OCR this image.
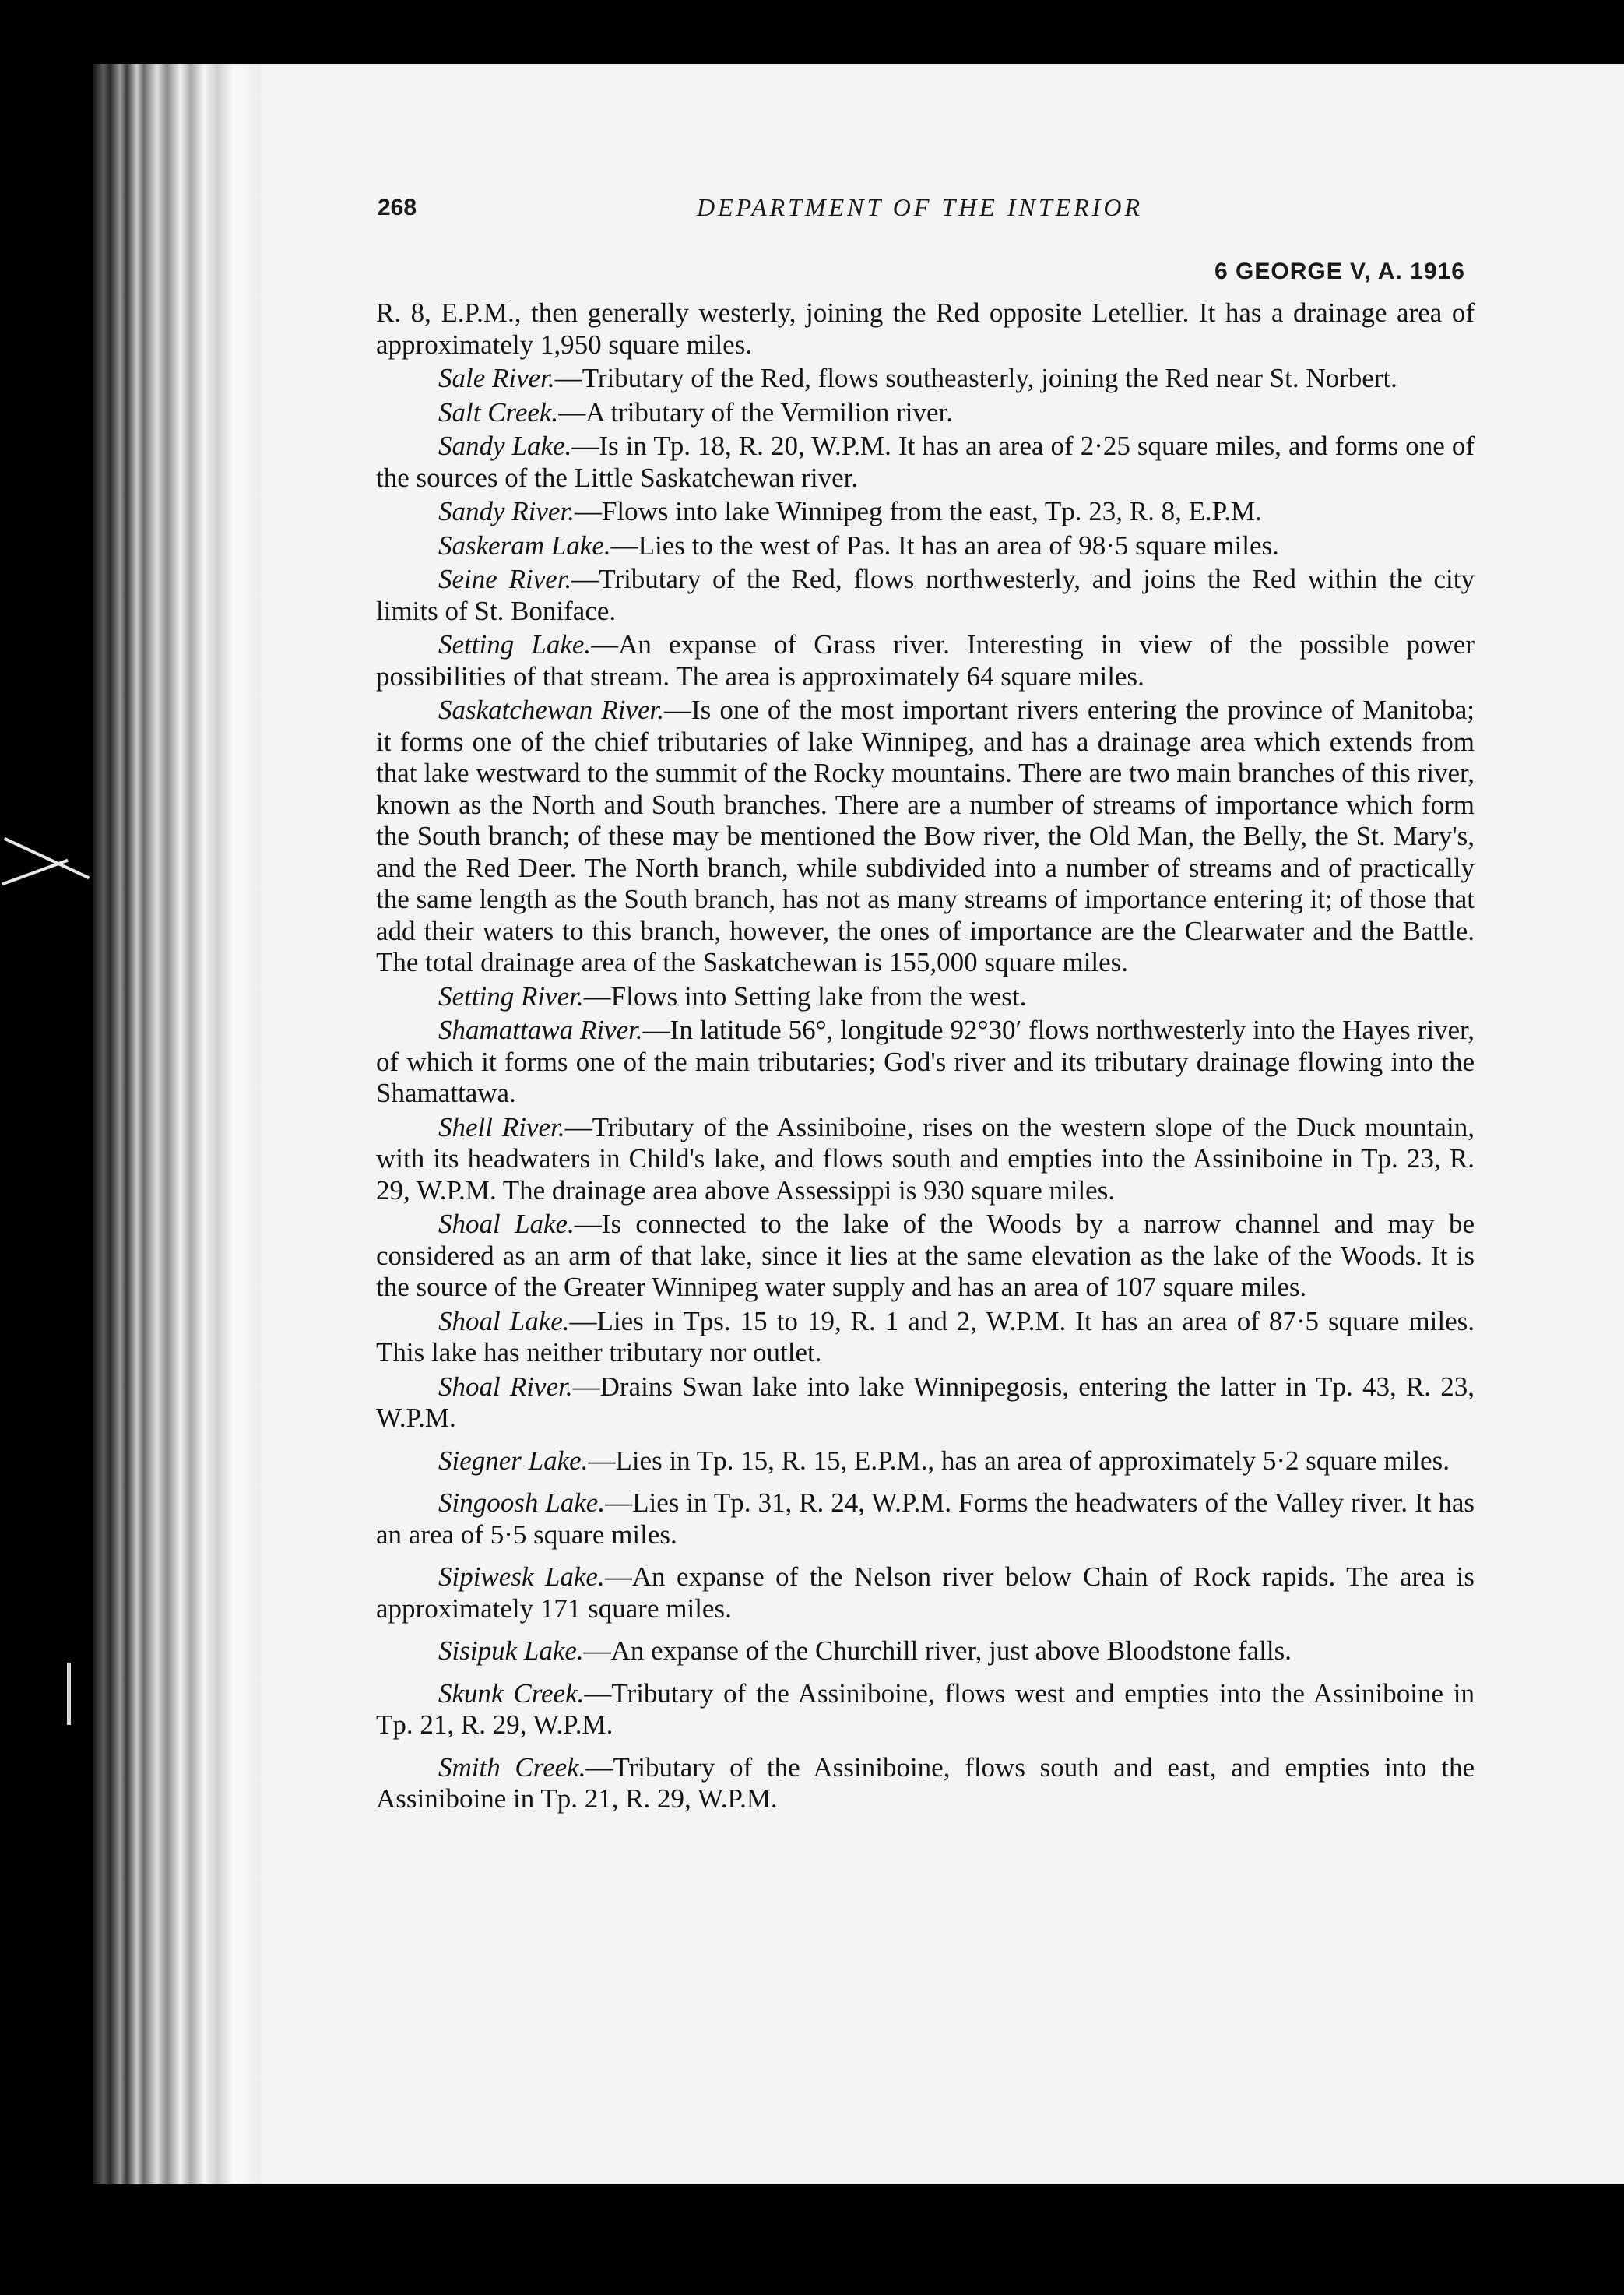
268	DEPARTMENT OF THE INTERIOR
6 GEORGE V, A. 1916

R. 8, E.P.M., then generally westerly, joining the Red opposite Letellier. It has a drainage area of approximately 1,950 square miles.

Sale River.—Tributary of the Red, flows southeasterly, joining the Red near St. Norbert.

Salt Creek.—A tributary of the Vermilion river.

Sandy Lake.—Is in Tp. 18, R. 20, W.P.M. It has an area of 2·25 square miles, and forms one of the sources of the Little Saskatchewan river.

Sandy River.—Flows into lake Winnipeg from the east, Tp. 23, R. 8, E.P.M.

Saskeram Lake.—Lies to the west of Pas. It has an area of 98·5 square miles.

Seine River.—Tributary of the Red, flows northwesterly, and joins the Red within the city limits of St. Boniface.

Setting Lake.—An expanse of Grass river. Interesting in view of the possible power possibilities of that stream. The area is approximately 64 square miles.

Saskatchewan River.—Is one of the most important rivers entering the province of Manitoba; it forms one of the chief tributaries of lake Winnipeg, and has a drainage area which extends from that lake westward to the summit of the Rocky mountains. There are two main branches of this river, known as the North and South branches. There are a number of streams of importance which form the South branch; of these may be mentioned the Bow river, the Old Man, the Belly, the St. Mary's, and the Red Deer. The North branch, while subdivided into a number of streams and of practically the same length as the South branch, has not as many streams of importance entering it; of those that add their waters to this branch, however, the ones of importance are the Clearwater and the Battle. The total drainage area of the Saskatchewan is 155,000 square miles.

Setting River.—Flows into Setting lake from the west.

Shamattawa River.—In latitude 56°, longitude 92°30′ flows northwesterly into the Hayes river, of which it forms one of the main tributaries; God's river and its tributary drainage flowing into the Shamattawa.

Shell River.—Tributary of the Assiniboine, rises on the western slope of the Duck mountain, with its headwaters in Child's lake, and flows south and empties into the Assiniboine in Tp. 23, R. 29, W.P.M. The drainage area above Assessippi is 930 square miles.

Shoal Lake.—Is connected to the lake of the Woods by a narrow channel and may be considered as an arm of that lake, since it lies at the same elevation as the lake of the Woods. It is the source of the Greater Winnipeg water supply and has an area of 107 square miles.

Shoal Lake.—Lies in Tps. 15 to 19, R. 1 and 2, W.P.M. It has an area of 87·5 square miles. This lake has neither tributary nor outlet.

Shoal River.—Drains Swan lake into lake Winnipegosis, entering the latter in Tp. 43, R. 23, W.P.M.

Siegner Lake.—Lies in Tp. 15, R. 15, E.P.M., has an area of approximately 5·2 square miles.

Singoosh Lake.—Lies in Tp. 31, R. 24, W.P.M. Forms the headwaters of the Valley river. It has an area of 5·5 square miles.

Sipiwesk Lake.—An expanse of the Nelson river below Chain of Rock rapids. The area is approximately 171 square miles.

Sisipuk Lake.—An expanse of the Churchill river, just above Bloodstone falls.

Skunk Creek.—Tributary of the Assiniboine, flows west and empties into the Assiniboine in Tp. 21, R. 29, W.P.M.

Smith Creek.—Tributary of the Assiniboine, flows south and east, and empties into the Assiniboine in Tp. 21, R. 29, W.P.M.
